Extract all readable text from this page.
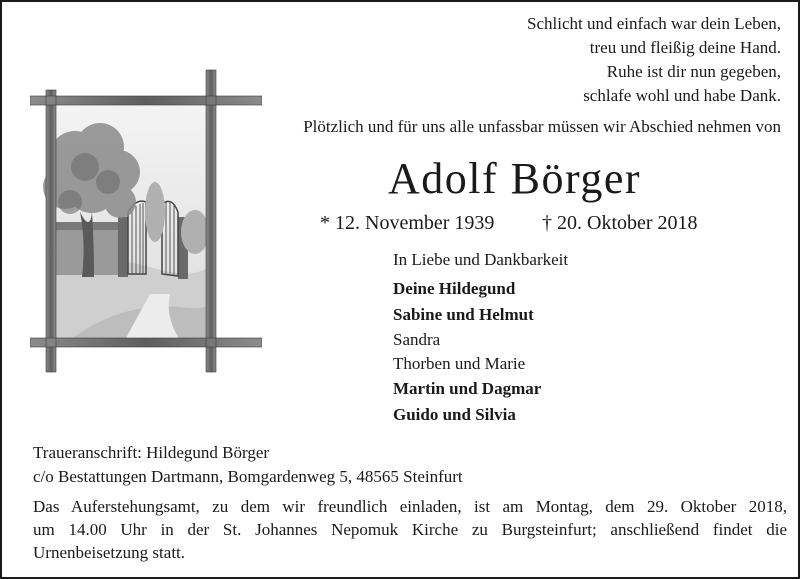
Schlicht und einfach war dein Leben,
treu und fleißig deine Hand.
Ruhe ist dir nun gegeben,
schlafe wohl und habe Dank.
Plötzlich und für uns alle unfassbar müssen wir Abschied nehmen von
Adolf Börger
* 12. November 1939 † 20. Oktober 2018
In Liebe und Dankbarkeit
Deine Hildegund
Sabine und Helmut
Sandra
Thorben und Marie
Martin und Dagmar
Guido und Silvia
Traueranschrift: Hildegund Börger
c/o Bestattungen Dartmann, Bomgardenweg 5, 48565 Steinfurt
Das Auferstehungsamt, zu dem wir freundlich einladen, ist am Montag, dem 29. Oktober 2018,
um 14.00 Uhr in der St. Johannes Nepomuk Kirche zu Burgsteinfurt; anschließend findet die
Urnenbeisetzung statt.
